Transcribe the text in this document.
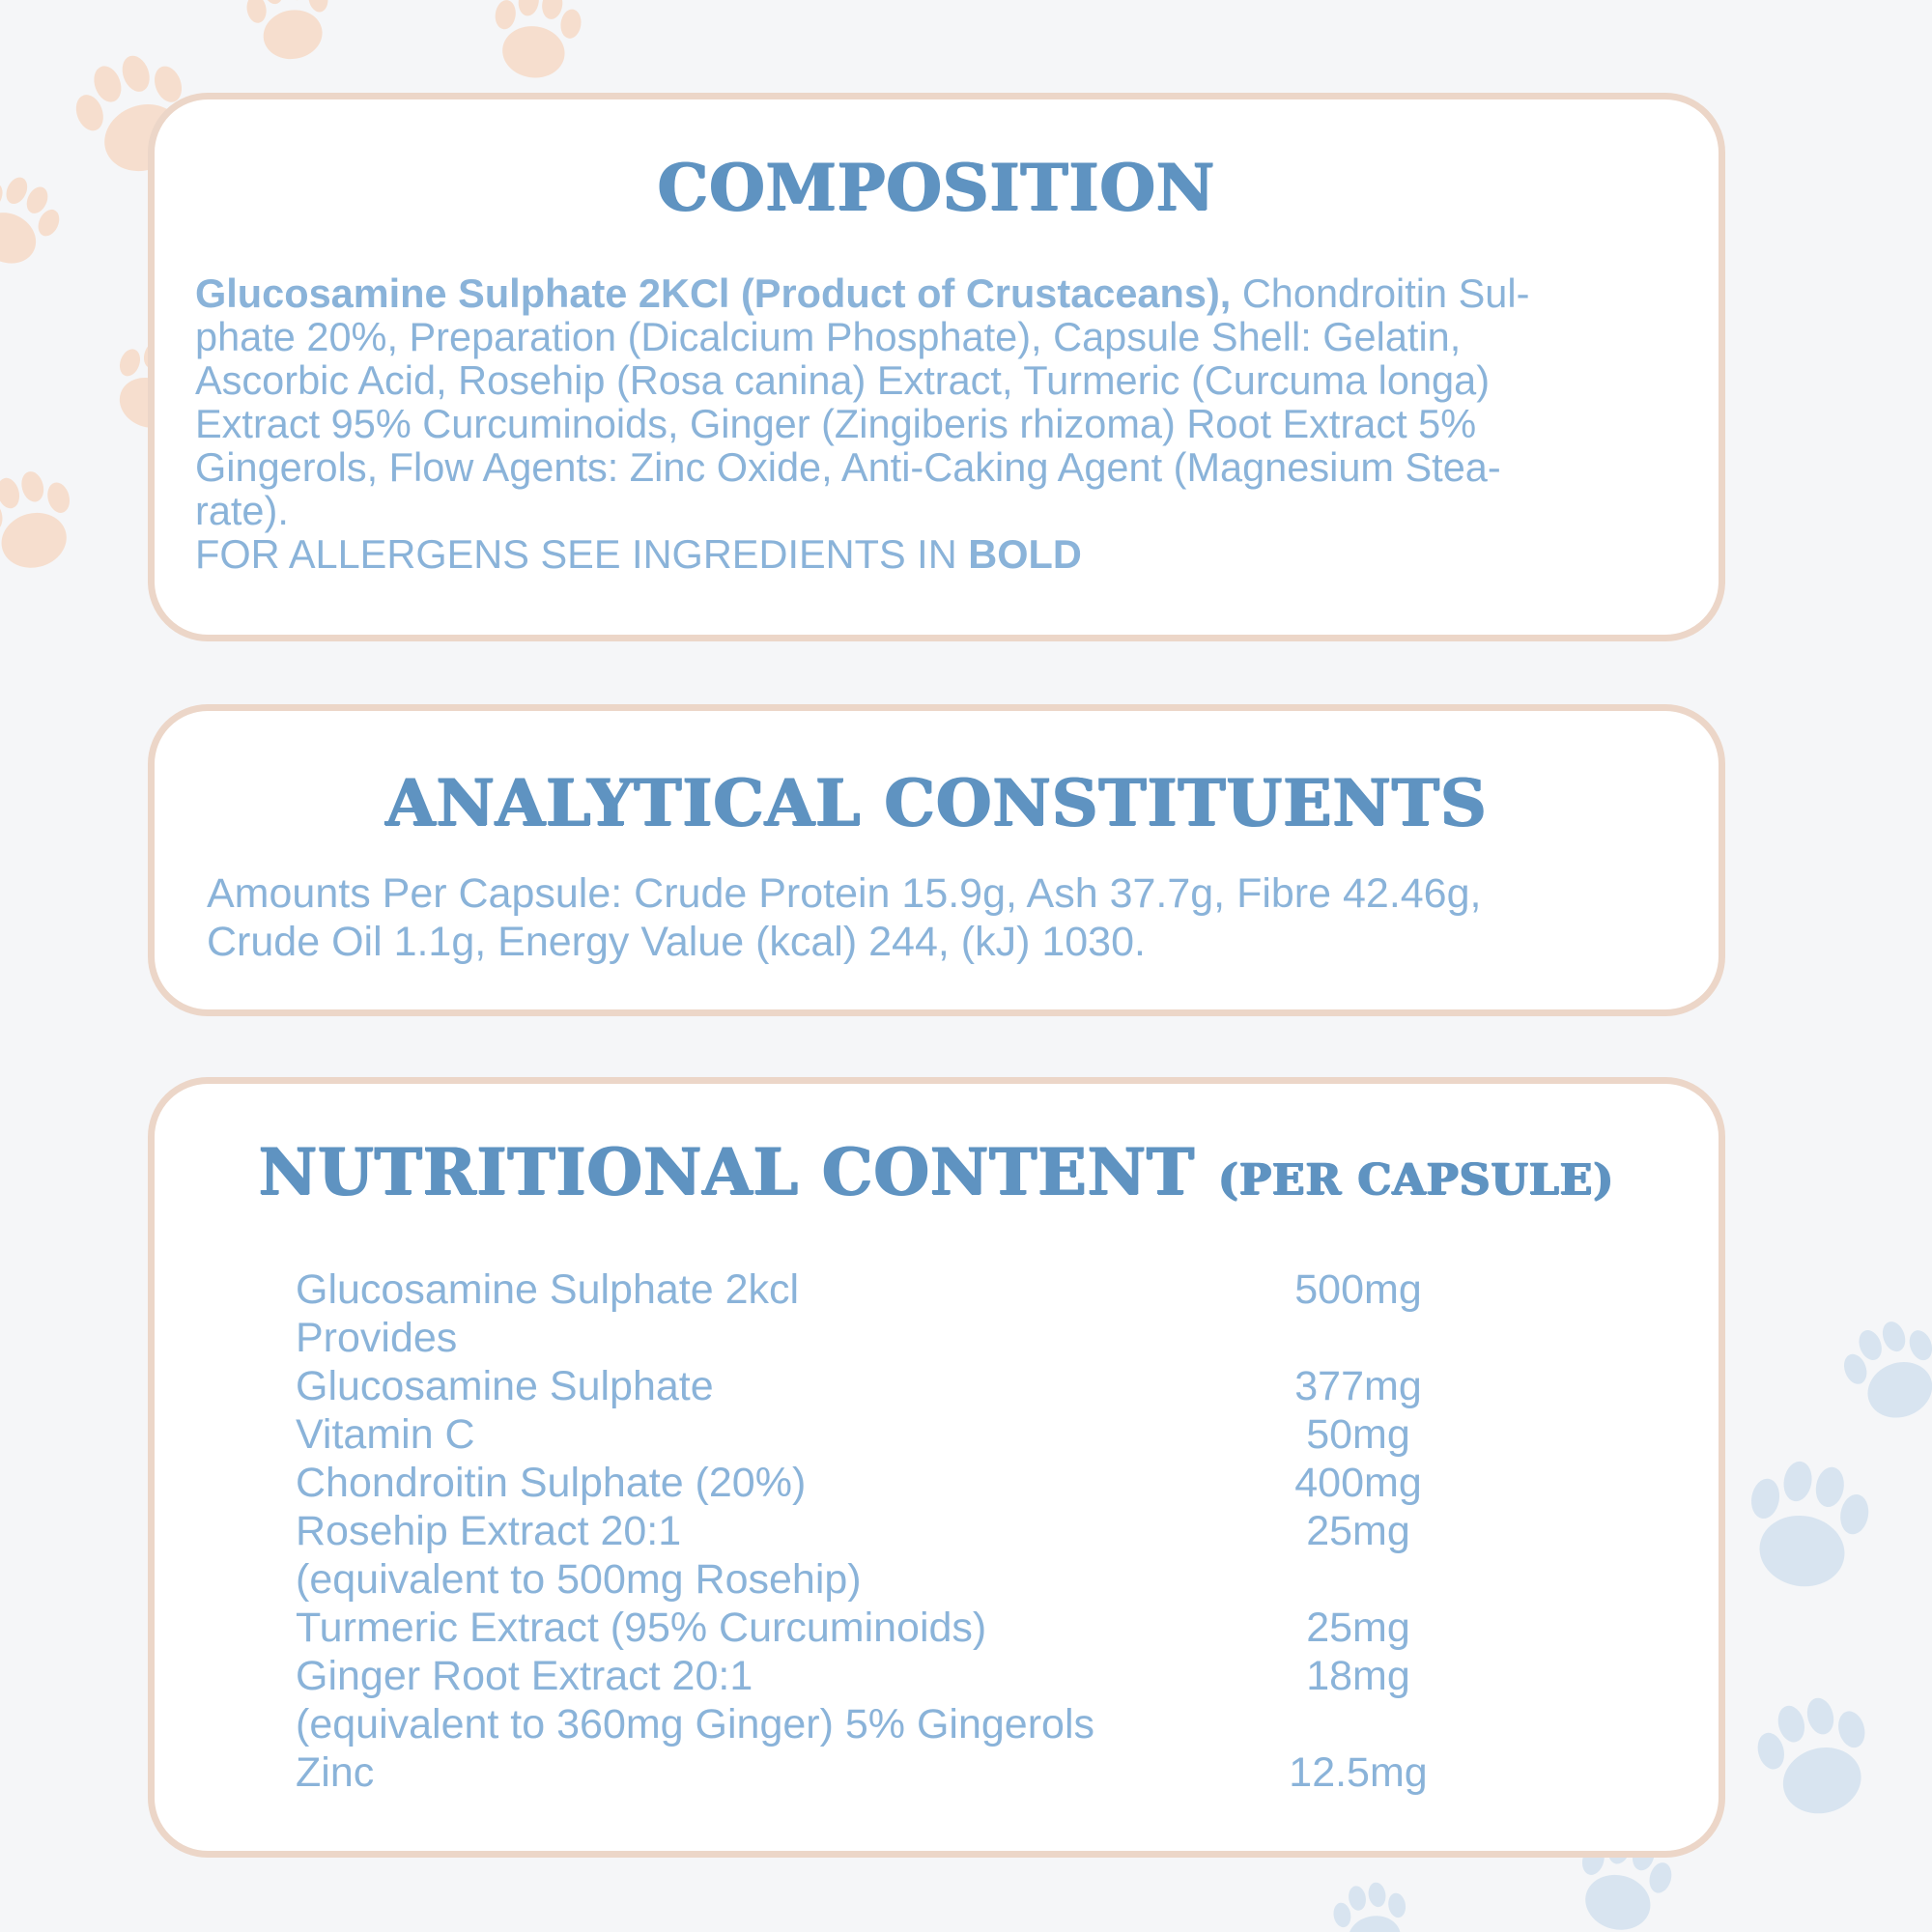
COMPOSITION
Glucosamine Sulphate 2KCl (Product of Crustaceans), Chondroitin Sul-
phate 20%, Preparation (Dicalcium Phosphate), Capsule Shell: Gelatin,
Ascorbic Acid, Rosehip (Rosa canina) Extract, Turmeric (Curcuma longa)
Extract 95% Curcuminoids, Ginger (Zingiberis rhizoma) Root Extract 5%
Gingerols, Flow Agents: Zinc Oxide, Anti-Caking Agent (Magnesium Stea-
rate).
FOR ALLERGENS SEE INGREDIENTS IN BOLD
ANALYTICAL CONSTITUENTS
Amounts Per Capsule: Crude Protein 15.9g, Ash 37.7g, Fibre 42.46g,
Crude Oil 1.1g, Energy Value (kcal) 244, (kJ) 1030.
NUTRITIONAL CONTENT (PER CAPSULE)
Glucosamine Sulphate 2kcl	500mg
Provides
Glucosamine Sulphate	377mg
Vitamin C	50mg
Chondroitin Sulphate (20%)	400mg
Rosehip Extract 20:1	25mg
(equivalent to 500mg Rosehip)
Turmeric Extract (95% Curcuminoids)	25mg
Ginger Root Extract 20:1	18mg
(equivalent to 360mg Ginger) 5% Gingerols
Zinc	12.5mg
